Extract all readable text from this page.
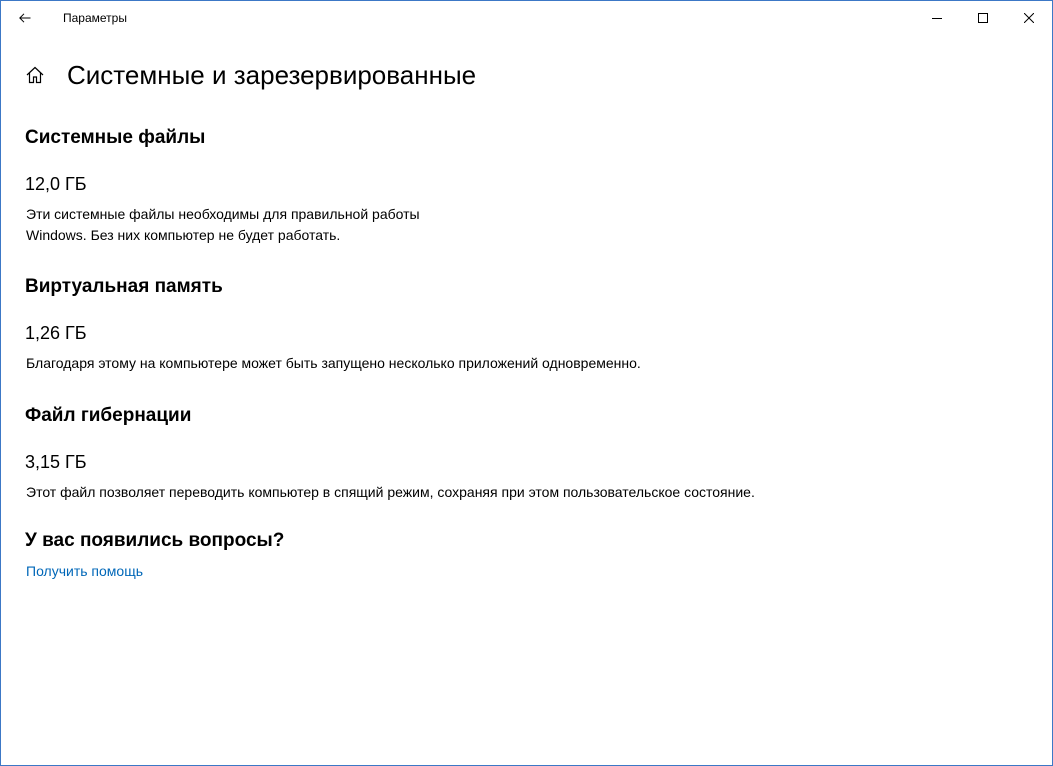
Параметры
Системные и зарезервированные
Системные файлы
12,0 ГБ
Эти системные файлы необходимы для правильной работы
Windows. Без них компьютер не будет работать.
Виртуальная память
1,26 ГБ
Благодаря этому на компьютере может быть запущено несколько приложений одновременно.
Файл гибернации
3,15 ГБ
Этот файл позволяет переводить компьютер в спящий режим, сохраняя при этом пользовательское состояние.
У вас появились вопросы?
Получить помощь
